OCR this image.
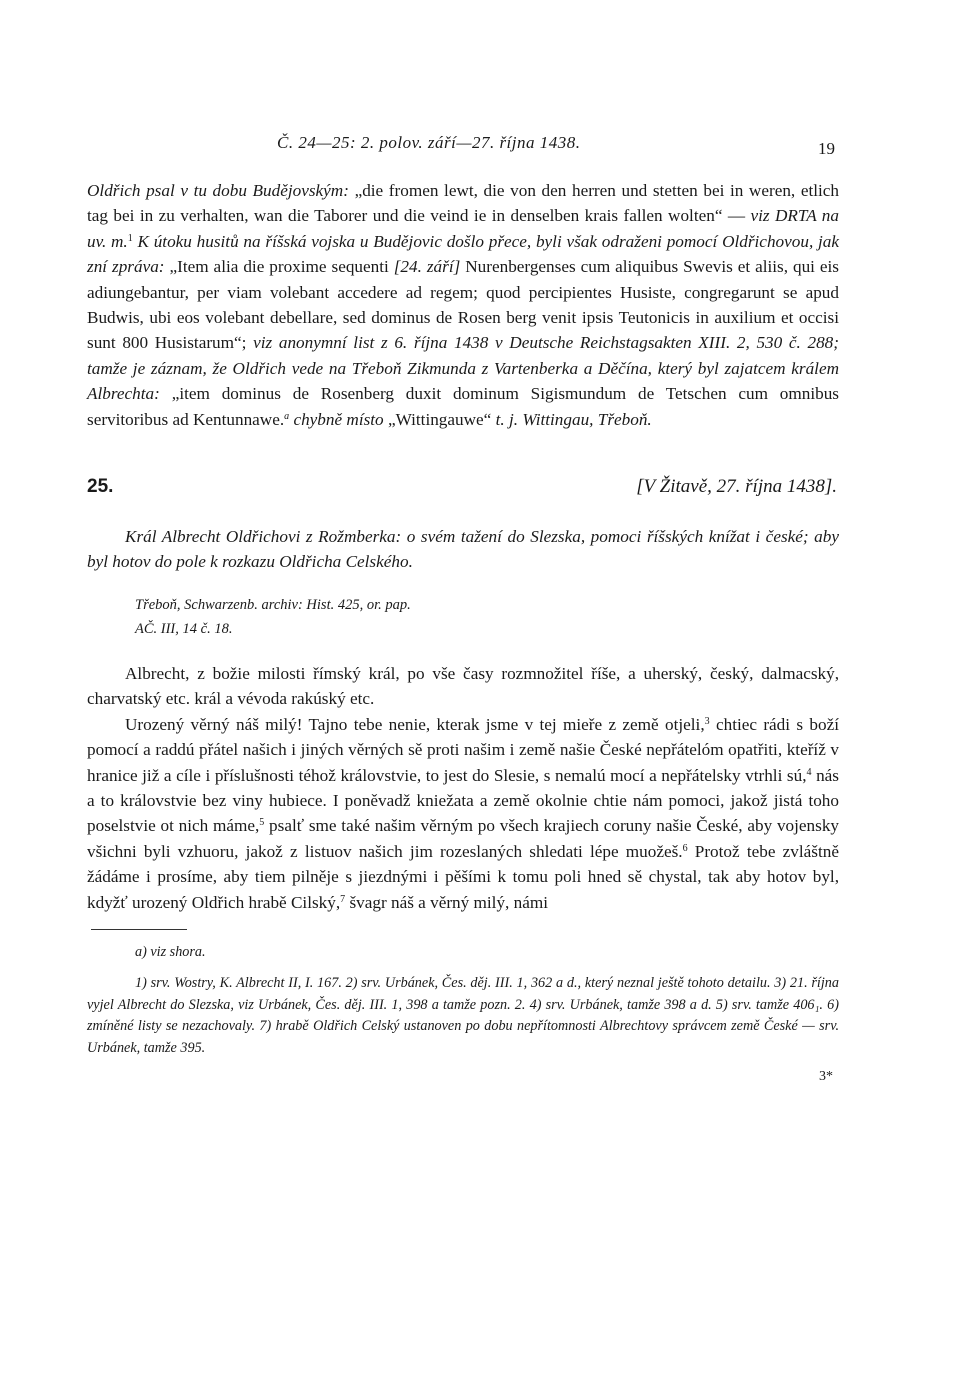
Č. 24—25: 2. polov. září—27. října 1438.	19

Oldřich psal v tu dobu Budějovským: „die fromen lewt, die von den herren und stetten bei in weren, etlich tag bei in zu verhalten, wan die Taborer und die veind ie in denselben krais fallen wolten“ — viz DRTA na uv. m.$^1$ K útoku husitů na říšská vojska u Budějovic došlo přece, byli však odraženi pomocí Oldřichovou, jak zní zpráva: „Item alia die proxime sequenti [24. září] Nurenbergenses cum aliquibus Swevis et aliis, qui eis adiungebantur, per viam volebant accedere ad regem; quod percipientes Husiste, congregarunt se apud Budwis, ubi eos volebant debellare, sed dominus de Rosen berg venit ipsis Teutonicis in auxilium et occisi sunt 800 Husistarum“; viz anonymní list z 6. října 1438 v Deutsche Reichstagsakten XIII. 2, 530 č. 288; tamže je záznam, že Oldřich vede na Třeboň Zikmunda z Vartenberka a Děčína, který byl zajatcem králem Albrechta: „item dominus de Rosenberg duxit dominum Sigismundum de Tetschen cum omnibus servitoribus ad Kentunnawe.$^a$ chybně místo „Wittingauwe“ t. j. Wittingau, Třeboň.

25.	[V Žitavě, 27. října 1438].

Král Albrecht Oldřichovi z Rožmberka: o svém tažení do Slezska, pomoci říšských knížat i české; aby byl hotov do pole k rozkazu Oldřicha Celského.

Třeboň, Schwarzenb. archiv: Hist. 425, or. pap.
AČ. III, 14 č. 18.

Albrecht, z božie milosti římský král, po vše časy rozmnožitel říše, a uherský, český, dalmacský, charvatský etc. král a vévoda rakúský etc.

Urozený věrný náš milý! Tajno tebe nenie, kterak jsme v tej mieře z země otjeli,$^3$ chtiec rádi s boží pomocí a raddú přátel našich i jiných věrných sě proti našim i země našie České nepřátelóm opatřiti, kteříž v hranice již a cíle i příslušnosti téhož královstvie, to jest do Slesie, s nemalú mocí a nepřátelsky vtrhli sú,$^4$ nás a to královstvie bez viny hubiece. I poněvadž kniežata a země okolnie chtie nám pomoci, jakož jistá toho poselstvie ot nich máme,$^5$ psalť sme také našim věrným po všech krajiech coruny našie České, aby vojensky všichni byli vzhuoru, jakož z listuov našich jim rozeslaných shledati lépe muožeš.$^6$ Protož tebe zvláštně žádáme i prosíme, aby tiem pilněje s jiezdnými i pěšími k tomu poli hned sě chystal, tak aby hotov byl, kdyžť urozený Oldřich hrabě Cilský,$^7$ švagr náš a věrný milý, námi

a) viz shora.
1) srv. Wostry, K. Albrecht II, I. 167. 2) srv. Urbánek, Čes. děj. III. 1, 362 a d., který neznal ještě tohoto detailu. 3) 21. října vyjel Albrecht do Slezska, viz Urbánek, Čes. děj. III. 1, 398 a tamže pozn. 2. 4) srv. Urbánek, tamže 398 a d. 5) srv. tamže 406₁. 6) zmíněné listy se nezachovaly. 7) hrabě Oldřich Celský ustanoven po dobu nepřítomnosti Albrechtovy správcem země České — srv. Urbánek, tamže 395.
3*
